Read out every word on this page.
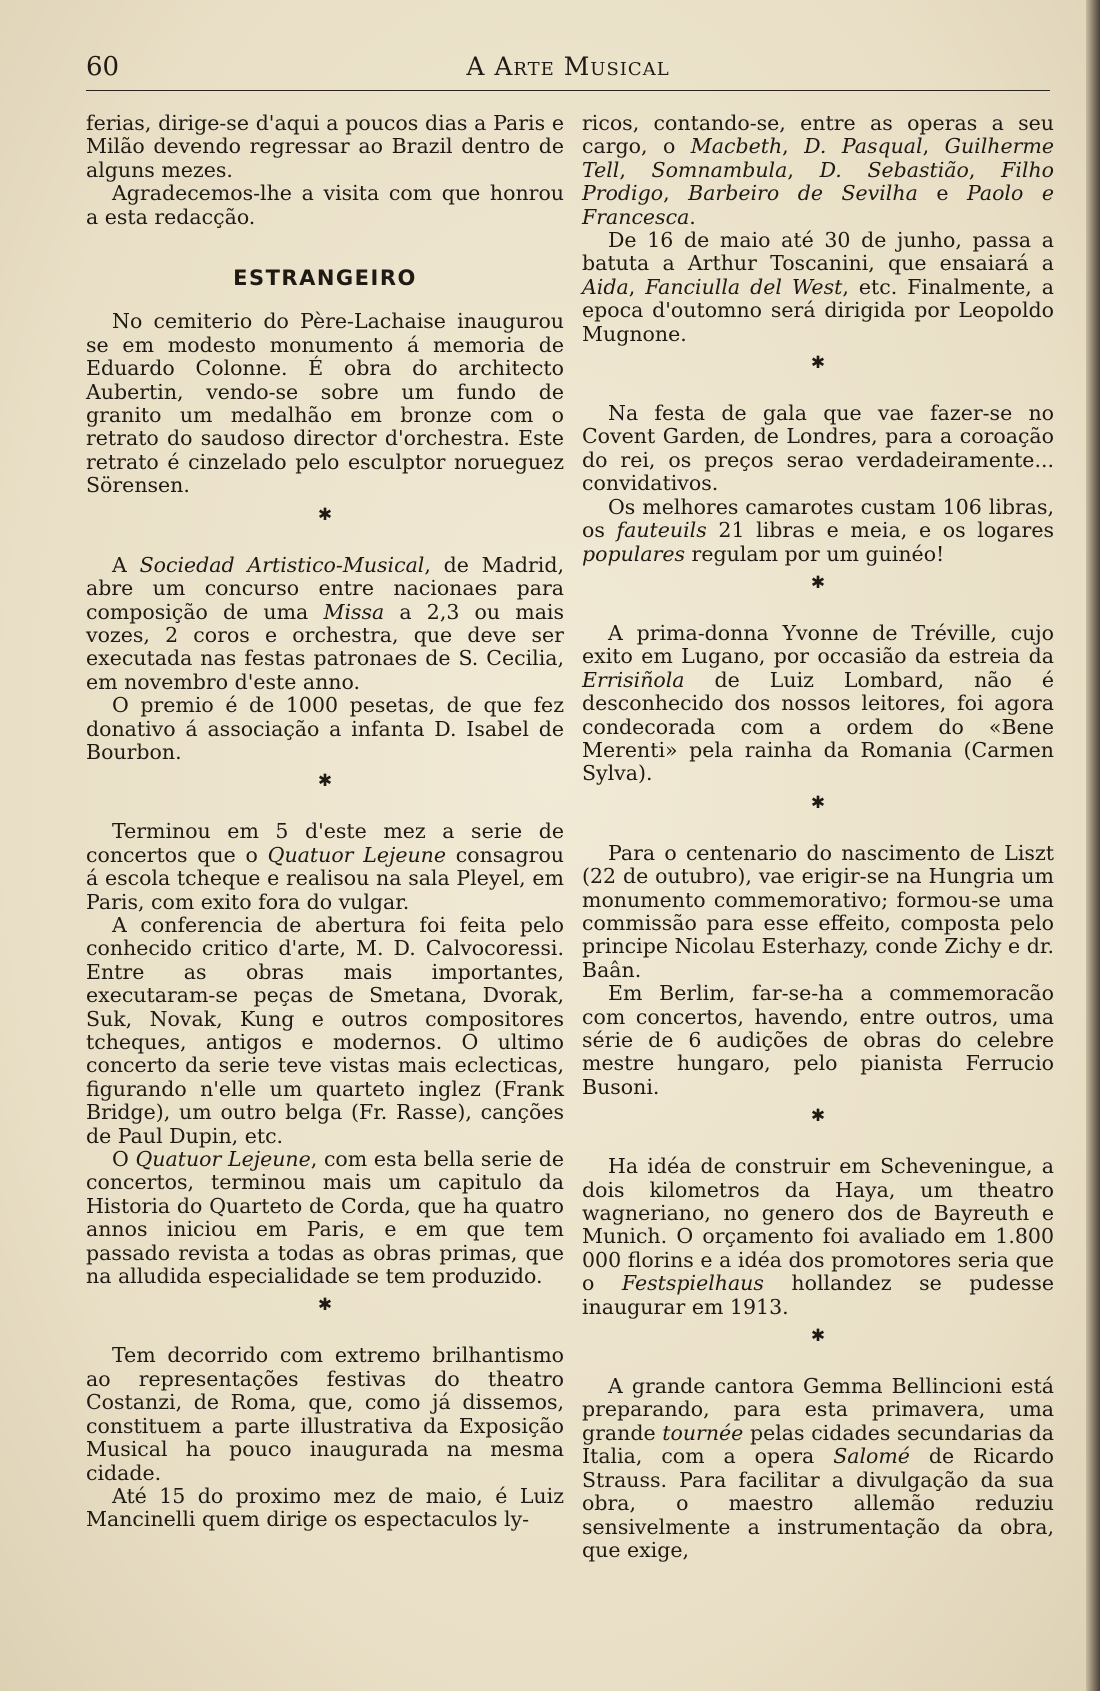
60	A Arte Musical

ferias, dirige-se d'aqui a poucos dias a Paris e Milão devendo regressar ao Brazil dentro de alguns mezes.

Agradecemos-lhe a visita com que honrou a esta redacção.

ESTRANGEIRO

No cemiterio do Père-Lachaise inaugurou se em modesto monumento á memoria de Eduardo Colonne. É obra do architecto Aubertin, vendo-se sobre um fundo de granito um medalhão em bronze com o retrato do saudoso director d'orchestra. Este retrato é cinzelado pelo esculptor norueguez Sörensen.

✱

A Sociedad Artistico-Musical, de Madrid, abre um concurso entre nacionaes para composição de uma Missa a 2,3 ou mais vozes, 2 coros e orchestra, que deve ser executada nas festas patronaes de S. Cecilia, em novembro d'este anno.

O premio é de 1000 pesetas, de que fez donativo á associação a infanta D. Isabel de Bourbon.

✱

Terminou em 5 d'este mez a serie de concertos que o Quatuor Lejeune consagrou á escola tcheque e realisou na sala Pleyel, em Paris, com exito fora do vulgar.

A conferencia de abertura foi feita pelo conhecido critico d'arte, M. D. Calvocoressi. Entre as obras mais importantes, executaram-se peças de Smetana, Dvorak, Suk, Novak, Kung e outros compositores tcheques, antigos e modernos. O ultimo concerto da serie teve vistas mais eclecticas, figurando n'elle um quarteto inglez (Frank Bridge), um outro belga (Fr. Rasse), canções de Paul Dupin, etc.

O Quatuor Lejeune, com esta bella serie de concertos, terminou mais um capitulo da Historia do Quarteto de Corda, que ha quatro annos iniciou em Paris, e em que tem passado revista a todas as obras primas, que na alludida especialidade se tem produzido.

✱

Tem decorrido com extremo brilhantismo ao representações festivas do theatro Costanzi, de Roma, que, como já dissemos, constituem a parte illustrativa da Exposição Musical ha pouco inaugurada na mesma cidade.

Até 15 do proximo mez de maio, é Luiz Mancinelli quem dirige os espectaculos ly-

ricos, contando-se, entre as operas a seu cargo, o Macbeth, D. Pasqual, Guilherme Tell, Somnambula, D. Sebastião, Filho Prodigo, Barbeiro de Sevilha e Paolo e Francesca.

De 16 de maio até 30 de junho, passa a batuta a Arthur Toscanini, que ensaiará a Aida, Fanciulla del West, etc. Finalmente, a epoca d'outomno será dirigida por Leopoldo Mugnone.

✱

Na festa de gala que vae fazer-se no Covent Garden, de Londres, para a coroação do rei, os preços serao verdadeiramente... convidativos.

Os melhores camarotes custam 106 libras, os fauteuils 21 libras e meia, e os logares populares regulam por um guinéo!

✱

A prima-donna Yvonne de Tréville, cujo exito em Lugano, por occasião da estreia da Errisiñola de Luiz Lombard, não é desconhecido dos nossos leitores, foi agora condecorada com a ordem do «Bene Merenti» pela rainha da Romania (Carmen Sylva).

✱

Para o centenario do nascimento de Liszt (22 de outubro), vae erigir-se na Hungria um monumento commemorativo; formou-se uma commissão para esse effeito, composta pelo principe Nicolau Esterhazy, conde Zichy e dr. Baân.

Em Berlim, far-se-ha a commemoracão com concertos, havendo, entre outros, uma série de 6 audições de obras do celebre mestre hungaro, pelo pianista Ferrucio Busoni.

✱

Ha idéa de construir em Scheveningue, a dois kilometros da Haya, um theatro wagneriano, no genero dos de Bayreuth e Munich. O orçamento foi avaliado em 1.800 000 florins e a idéa dos promotores seria que o Festspielhaus hollandez se pudesse inaugurar em 1913.

✱

A grande cantora Gemma Bellincioni está preparando, para esta primavera, uma grande tournée pelas cidades secundarias da Italia, com a opera Salomé de Ricardo Strauss. Para facilitar a divulgação da sua obra, o maestro allemão reduziu sensivelmente a instrumentação da obra, que exige,
